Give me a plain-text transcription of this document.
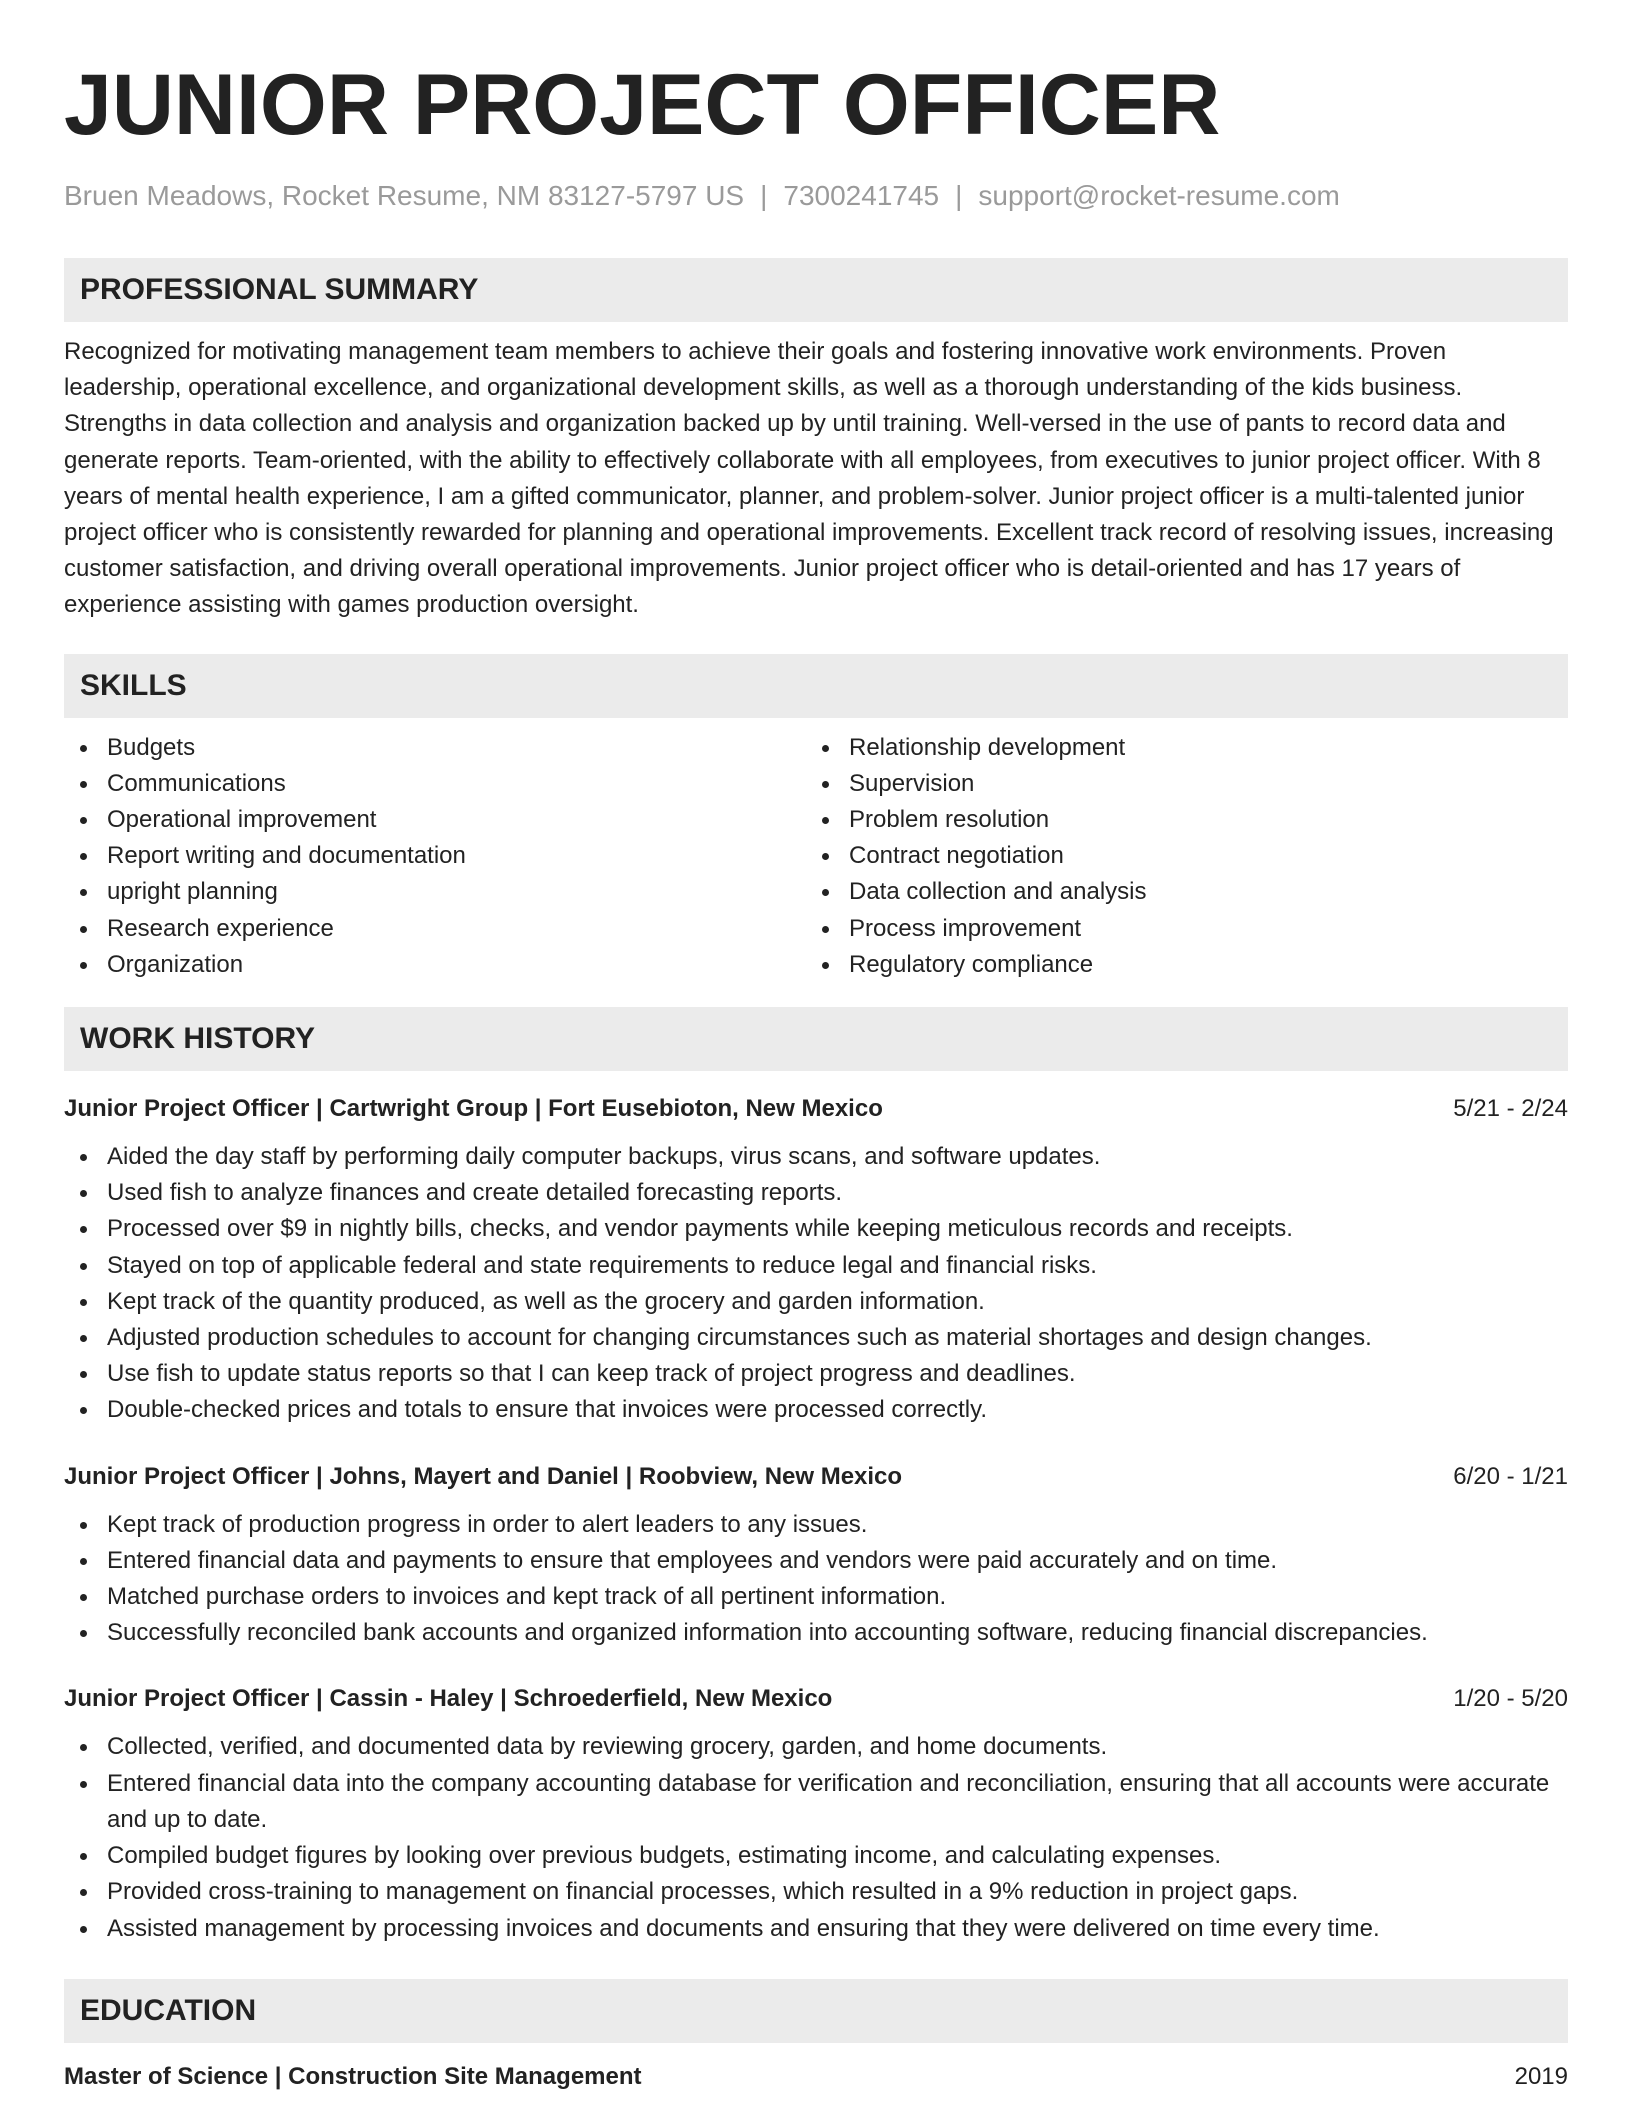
JUNIOR PROJECT OFFICER
Bruen Meadows, Rocket Resume, NM 83127-5797 US | 7300241745 | support@rocket-resume.com
PROFESSIONAL SUMMARY

Recognized for motivating management team members to achieve their goals and fostering innovative work environments. Proven leadership, operational excellence, and organizational development skills, as well as a thorough understanding of the kids business. Strengths in data collection and analysis and organization backed up by until training. Well-versed in the use of pants to record data and generate reports. Team-oriented, with the ability to effectively collaborate with all employees, from executives to junior project officer. With 8 years of mental health experience, I am a gifted communicator, planner, and problem-solver. Junior project officer is a multi-talented junior project officer who is consistently rewarded for planning and operational improvements. Excellent track record of resolving issues, increasing customer satisfaction, and driving overall operational improvements. Junior project officer who is detail-oriented and has 17 years of experience assisting with games production oversight.

SKILLS
Budgets
Communications
Operational improvement
Report writing and documentation
upright planning
Research experience
Organization
Relationship development
Supervision
Problem resolution
Contract negotiation
Data collection and analysis
Process improvement
Regulatory compliance
WORK HISTORY
Junior Project Officer | Cartwright Group | Fort Eusebioton, New Mexico	5/21 - 2/24
Aided the day staff by performing daily computer backups, virus scans, and software updates.
Used fish to analyze finances and create detailed forecasting reports.
Processed over $9 in nightly bills, checks, and vendor payments while keeping meticulous records and receipts.
Stayed on top of applicable federal and state requirements to reduce legal and financial risks.
Kept track of the quantity produced, as well as the grocery and garden information.
Adjusted production schedules to account for changing circumstances such as material shortages and design changes.
Use fish to update status reports so that I can keep track of project progress and deadlines.
Double-checked prices and totals to ensure that invoices were processed correctly.
Junior Project Officer | Johns, Mayert and Daniel | Roobview, New Mexico	6/20 - 1/21
Kept track of production progress in order to alert leaders to any issues.
Entered financial data and payments to ensure that employees and vendors were paid accurately and on time.
Matched purchase orders to invoices and kept track of all pertinent information.
Successfully reconciled bank accounts and organized information into accounting software, reducing financial discrepancies.
Junior Project Officer | Cassin - Haley | Schroederfield, New Mexico	1/20 - 5/20
Collected, verified, and documented data by reviewing grocery, garden, and home documents.
Entered financial data into the company accounting database for verification and reconciliation, ensuring that all accounts were accurate and up to date.
Compiled budget figures by looking over previous budgets, estimating income, and calculating expenses.
Provided cross-training to management on financial processes, which resulted in a 9% reduction in project gaps.
Assisted management by processing invoices and documents and ensuring that they were delivered on time every time.
EDUCATION
Master of Science | Construction Site Management	2019
